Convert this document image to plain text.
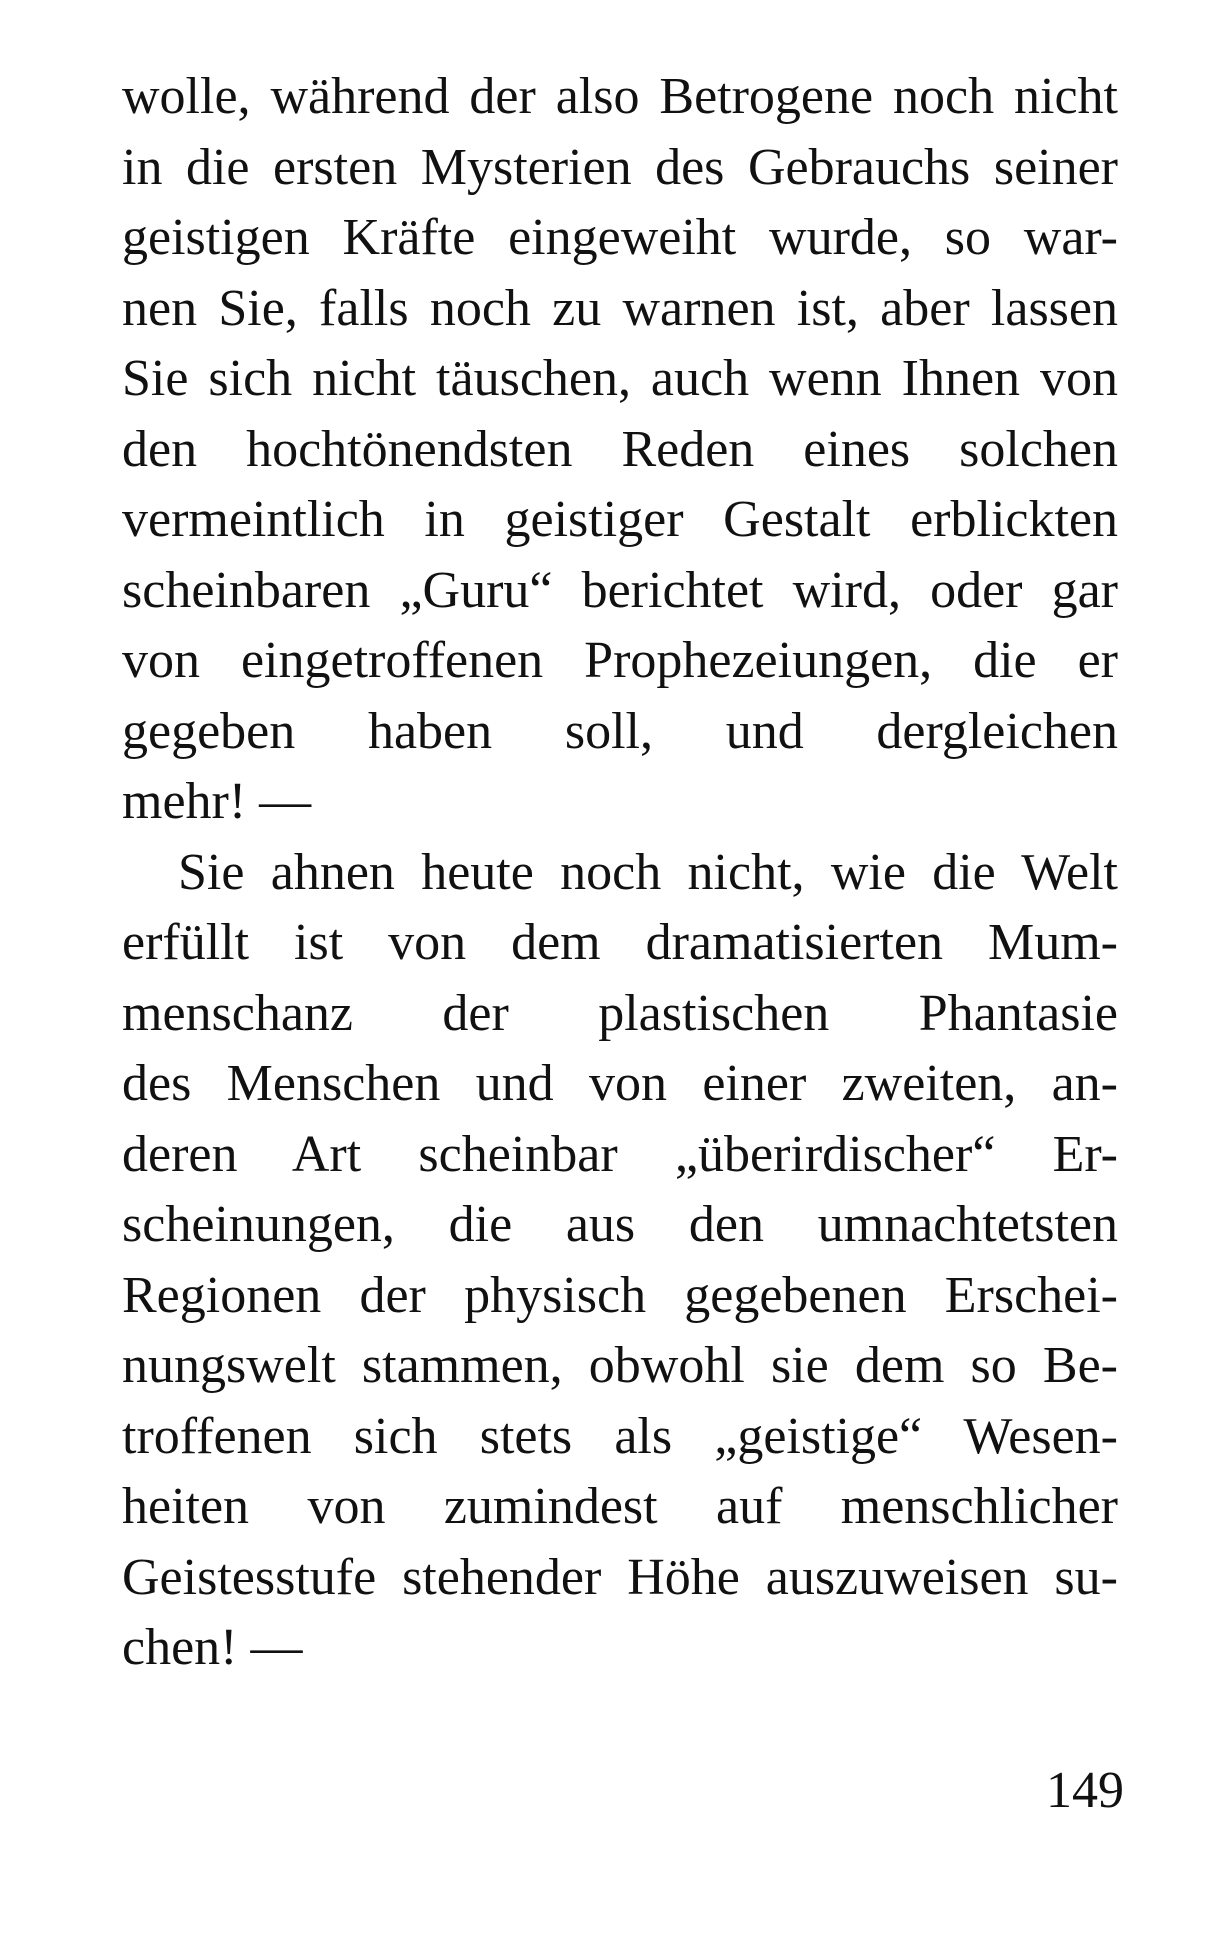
wolle, während der also Betrogene noch nicht
in die ersten Mysterien des Gebrauchs seiner
geistigen Kräfte eingeweiht wurde, so war-
nen Sie, falls noch zu warnen ist, aber lassen
Sie sich nicht täuschen, auch wenn Ihnen von
den hochtönendsten Reden eines solchen
vermeintlich in geistiger Gestalt erblickten
scheinbaren „Guru“ berichtet wird, oder gar
von eingetroffenen Prophezeiungen, die er
gegeben haben soll, und dergleichen
mehr! —
Sie ahnen heute noch nicht, wie die Welt
erfüllt ist von dem dramatisierten Mum-
menschanz der plastischen Phantasie
des Menschen und von einer zweiten, an-
deren Art scheinbar „überirdischer“ Er-
scheinungen, die aus den umnachtetsten
Regionen der physisch gegebenen Erschei-
nungswelt stammen, obwohl sie dem so Be-
troffenen sich stets als „geistige“ Wesen-
heiten von zumindest auf menschlicher
Geistesstufe stehender Höhe auszuweisen su-
chen! —
149
